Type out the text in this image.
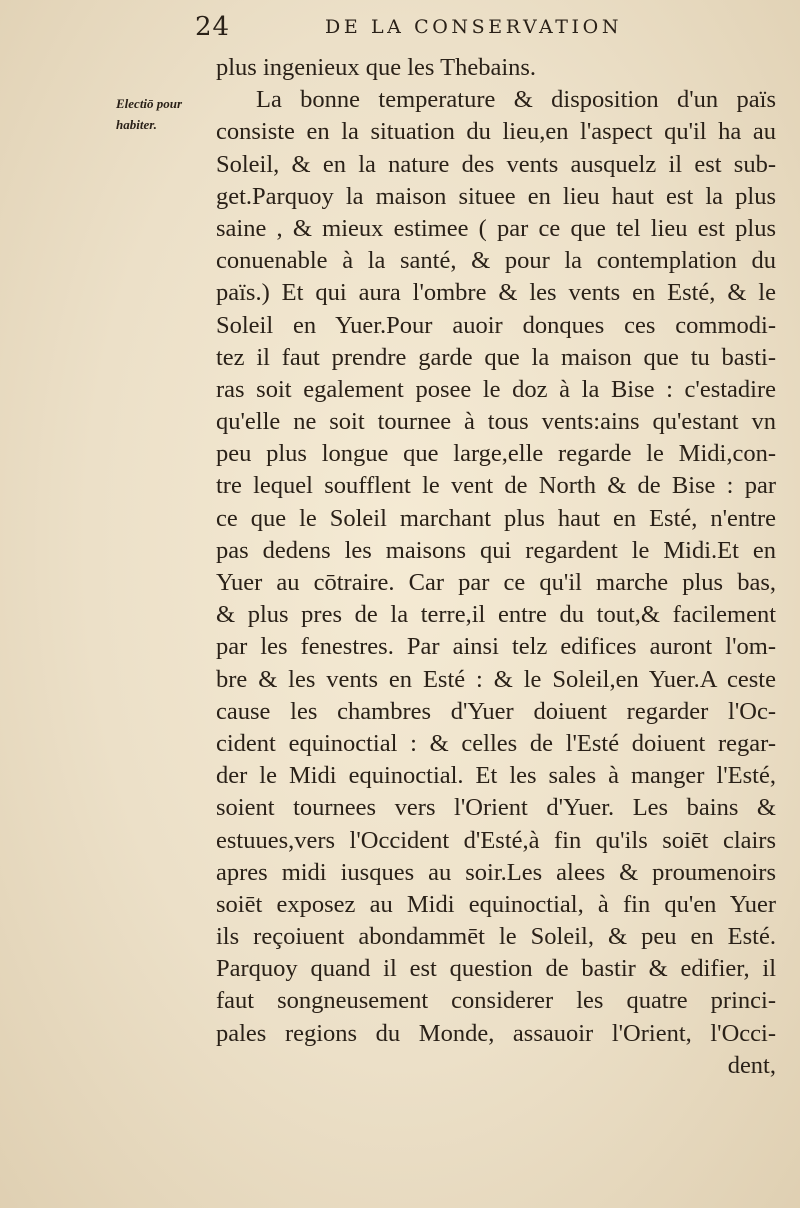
24	DE LA CONSERVATION
Electiō pour
habiter.
plus ingenieux que les Thebains.
La bonne temperature & disposition d'un païs
consiste en la situation du lieu,en l'aspect qu'il ha au
Soleil, & en la nature des vents ausquelz il est sub-
get.Parquoy la maison situee en lieu haut est la plus
saine , & mieux estimee ( par ce que tel lieu est plus
conuenable à la santé, & pour la contemplation du
païs.) Et qui aura l'ombre & les vents en Esté, & le
Soleil en Yuer.Pour auoir donques ces commodi-
tez il faut prendre garde que la maison que tu basti-
ras soit egalement posee le doz à la Bise : c'estadire
qu'elle ne soit tournee à tous vents:ains qu'estant vn
peu plus longue que large,elle regarde le Midi,con-
tre lequel soufflent le vent de North & de Bise : par
ce que le Soleil marchant plus haut en Esté, n'entre
pas dedens les maisons qui regardent le Midi.Et en
Yuer au cōtraire. Car par ce qu'il marche plus bas,
& plus pres de la terre,il entre du tout,& facilement
par les fenestres. Par ainsi telz edifices auront l'om-
bre & les vents en Esté : & le Soleil,en Yuer.A ceste
cause les chambres d'Yuer doiuent regarder l'Oc-
cident equinoctial : & celles de l'Esté doiuent regar-
der le Midi equinoctial. Et les sales à manger l'Esté,
soient tournees vers l'Orient d'Yuer. Les bains &
estuues,vers l'Occident d'Esté,à fin qu'ils soiēt clairs
apres midi iusques au soir.Les alees & proumenoirs
soiēt exposez au Midi equinoctial, à fin qu'en Yuer
ils reçoiuent abondammēt le Soleil, & peu en Esté.
Parquoy quand il est question de bastir & edifier, il
faut songneusement considerer les quatre princi-
pales regions du Monde, assauoir l'Orient, l'Occi-
dent,
